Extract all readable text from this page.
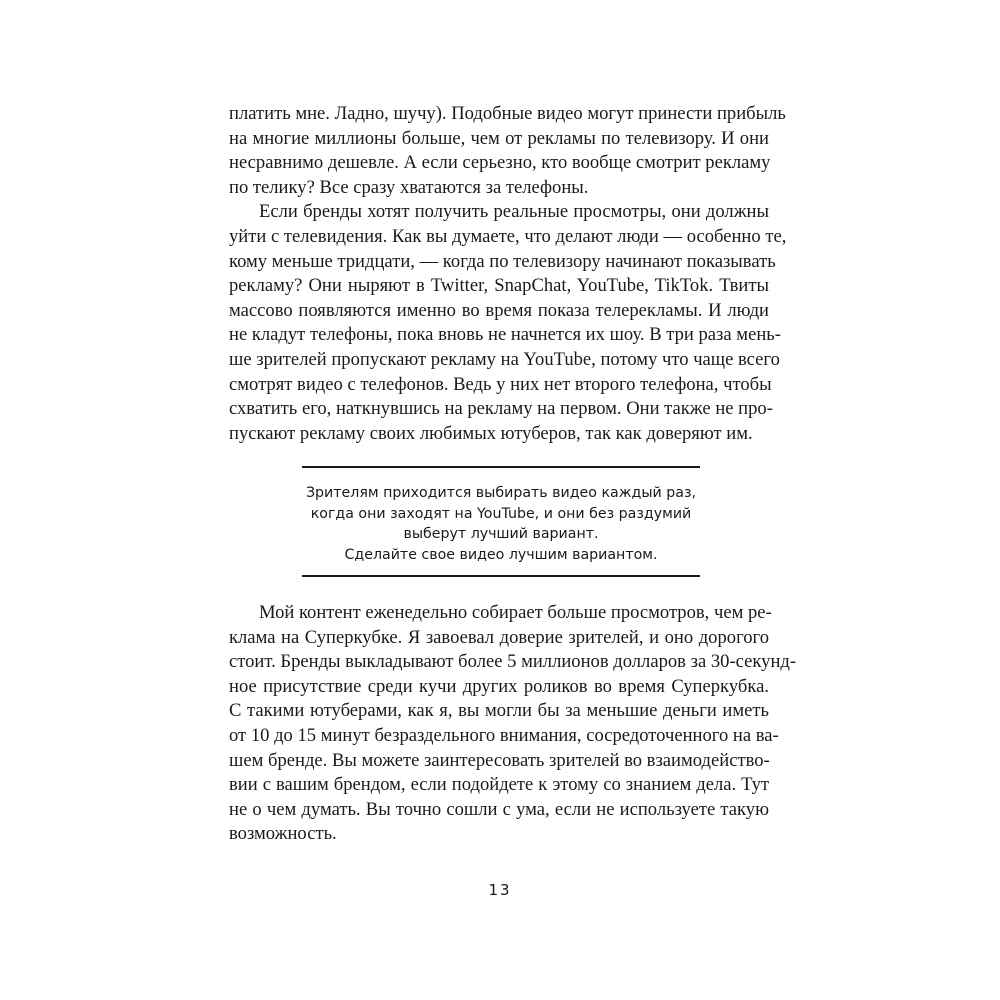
платить мне. Ладно, шучу). Подобные видео могут принести прибыль
на многие миллионы больше, чем от рекламы по телевизору. И они
несравнимо дешевле. А если серьезно, кто вообще смотрит рекламу
по телику? Все сразу хватаются за телефоны.

Если бренды хотят получить реальные просмотры, они должны
уйти с телевидения. Как вы думаете, что делают люди — особенно те,
кому меньше тридцати, — когда по телевизору начинают показывать
рекламу? Они ныряют в Twitter, SnapChat, YouTube, TikTok. Твиты
массово появляются именно во время показа телерекламы. И люди
не кладут телефоны, пока вновь не начнется их шоу. В три раза мень-
ше зрителей пропускают рекламу на YouTube, потому что чаще всего
смотрят видео с телефонов. Ведь у них нет второго телефона, чтобы
схватить его, наткнувшись на рекламу на первом. Они также не про-
пускают рекламу своих любимых ютуберов, так как доверяют им.

Зрителям приходится выбирать видео каждый раз,
когда они заходят на YouTube, и они без раздумий
выберут лучший вариант.
Сделайте свое видео лучшим вариантом.

Мой контент еженедельно собирает больше просмотров, чем ре-
клама на Суперкубке. Я завоевал доверие зрителей, и оно дорогого
стоит. Бренды выкладывают более 5 миллионов долларов за 30-секунд-
ное присутствие среди кучи других роликов во время Суперкубка.
С такими ютуберами, как я, вы могли бы за меньшие деньги иметь
от 10 до 15 минут безраздельного внимания, сосредоточенного на ва-
шем бренде. Вы можете заинтересовать зрителей во взаимодейство-
вии с вашим брендом, если подойдете к этому со знанием дела. Тут
не о чем думать. Вы точно сошли с ума, если не используете такую
возможность.

13
